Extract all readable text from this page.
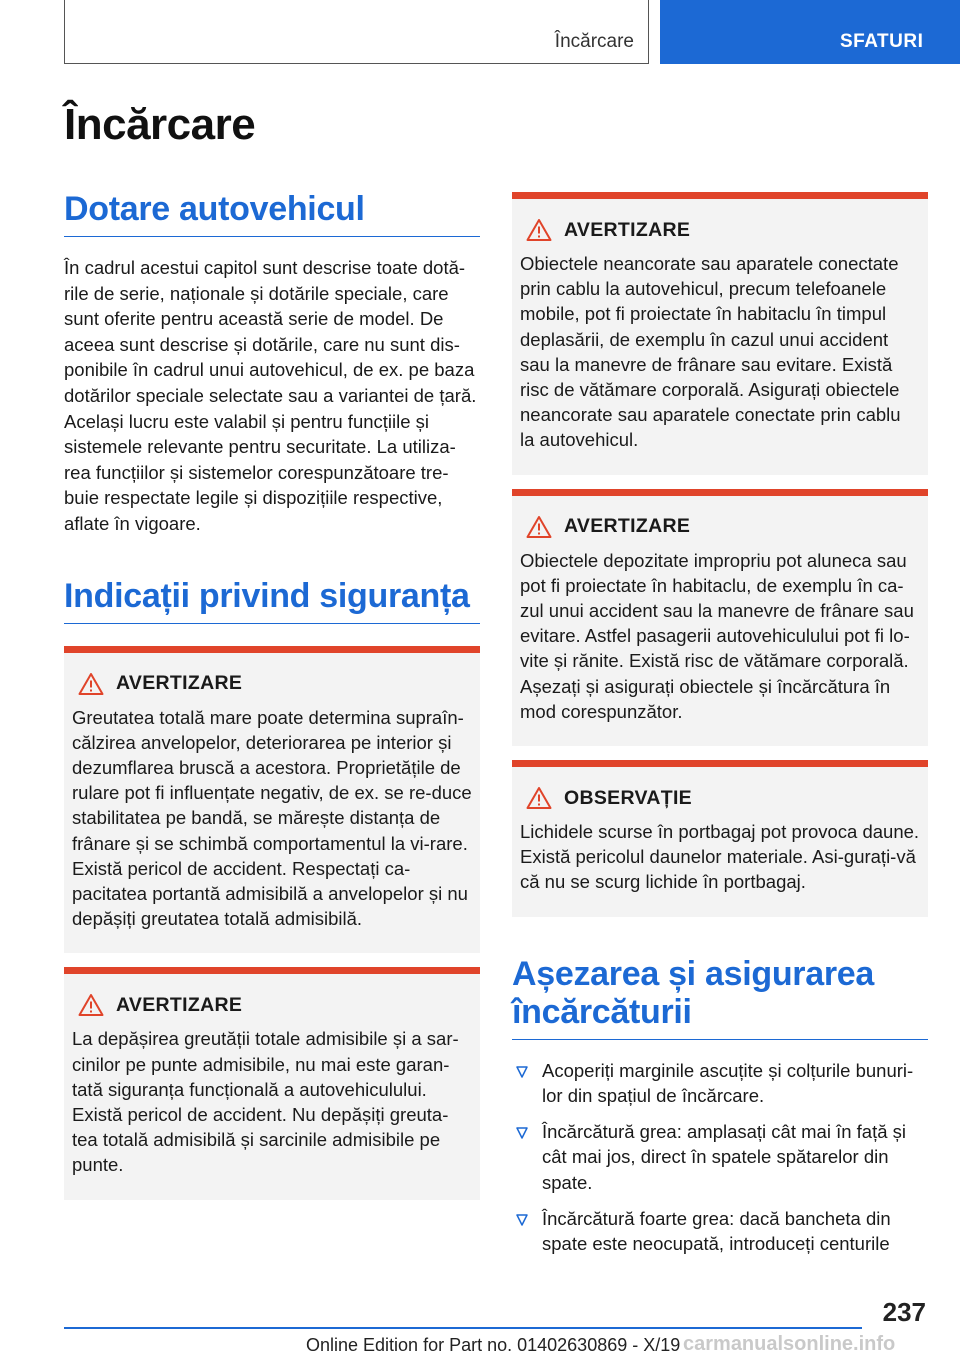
Încărcare	SFATURI
Încărcare
Dotare autovehicul

În cadrul acestui capitol sunt descrise toate dotă-rile de serie, naționale și dotările speciale, care sunt oferite pentru această serie de model. De aceea sunt descrise și dotările, care nu sunt dis-ponibile în cadrul unui autovehicul, de ex. pe baza dotărilor speciale selectate sau a variantei de țară. Același lucru este valabil și pentru funcțiile și sistemele relevante pentru securitate. La utiliza-rea funcțiilor și sistemelor corespunzătoare tre-buie respectate legile și dispozițiile respective, aflate în vigoare.

Indicații privind siguranța
AVERTIZARE

Greutatea totală mare poate determina supraîn-călzirea anvelopelor, deteriorarea pe interior și dezumflarea bruscă a acestora. Proprietățile de rulare pot fi influențate negativ, de ex. se re-duce stabilitatea pe bandă, se mărește distanța de frânare și se schimbă comportamentul la vi-rare. Există pericol de accident. Respectați ca-pacitatea portantă admisibilă a anvelopelor și nu depășiți greutatea totală admisibilă.

AVERTIZARE

La depășirea greutății totale admisibile și a sar-cinilor pe punte admisibile, nu mai este garan-tată siguranța funcțională a autovehiculului. Există pericol de accident. Nu depășiți greuta-tea totală admisibilă și sarcinile admisibile pe punte.

AVERTIZARE

Obiectele neancorate sau aparatele conectate prin cablu la autovehicul, precum telefoanele mobile, pot fi proiectate în habitaclu în timpul deplasării, de exemplu în cazul unui accident sau la manevre de frânare sau evitare. Există risc de vătămare corporală. Asigurați obiectele neancorate sau aparatele conectate prin cablu la autovehicul.

AVERTIZARE

Obiectele depozitate impropriu pot aluneca sau pot fi proiectate în habitaclu, de exemplu în ca-zul unui accident sau la manevre de frânare sau evitare. Astfel pasagerii autovehiculului pot fi lo-vite și rănite. Există risc de vătămare corporală. Așezați și asigurați obiectele și încărcătura în mod corespunzător.

OBSERVAȚIE

Lichidele scurse în portbagaj pot provoca daune. Există pericolul daunelor materiale. Asi-gurați-vă că nu se scurg lichide în portbagaj.

Așezarea și asigurarea încărcăturii
Acoperiți marginile ascuțite și colțurile bunuri-lor din spațiul de încărcare.
Încărcătură grea: amplasați cât mai în față și cât mai jos, direct în spatele spătarelor din spate.
Încărcătură foarte grea: dacă bancheta din spate este neocupată, introduceți centurile
237
Online Edition for Part no. 01402630869 - X/19 carmanualsonline.info
